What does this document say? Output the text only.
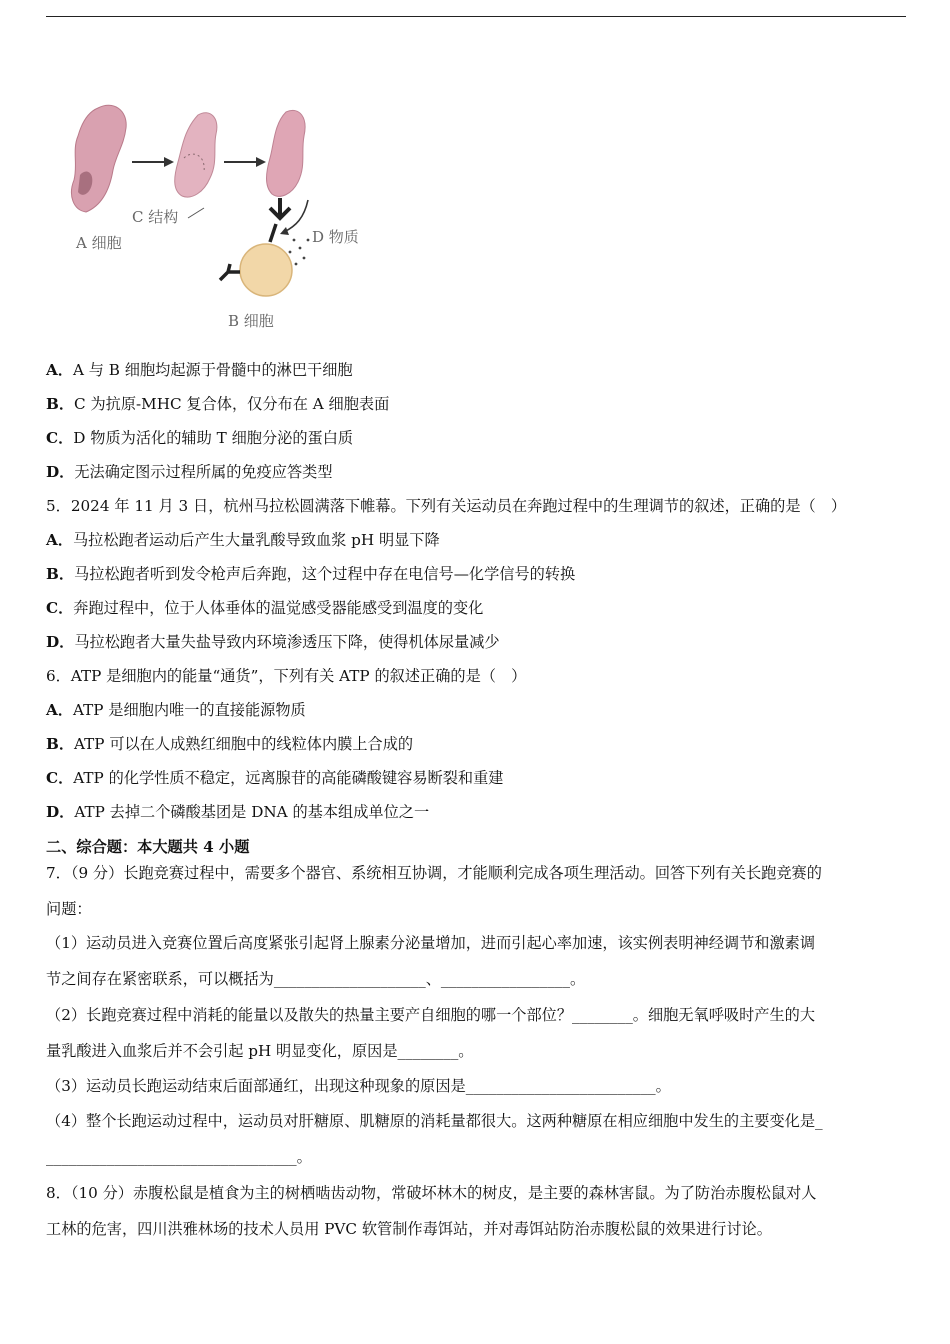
C 结构
A 细胞	D 物质
B 细胞
A．A 与 B 细胞均起源于骨髓中的淋巴干细胞
B．C 为抗原-MHC 复合体，仅分布在 A 细胞表面
C．D 物质为活化的辅助 T 细胞分泌的蛋白质
D．无法确定图示过程所属的免疫应答类型
5．2024 年 11 月 3 日，杭州马拉松圆满落下帷幕。下列有关运动员在奔跑过程中的生理调节的叙述，正确的是（　）
A．马拉松跑者运动后产生大量乳酸导致血浆 pH 明显下降
B．马拉松跑者听到发令枪声后奔跑，这个过程中存在电信号—化学信号的转换
C．奔跑过程中，位于人体垂体的温觉感受器能感受到温度的变化
D．马拉松跑者大量失盐导致内环境渗透压下降，使得机体尿量减少
6．ATP 是细胞内的能量“通货”，下列有关 ATP 的叙述正确的是（　）
A．ATP 是细胞内唯一的直接能源物质
B．ATP 可以在人成熟红细胞中的线粒体内膜上合成的
C．ATP 的化学性质不稳定，远离腺苷的高能磷酸键容易断裂和重建
D．ATP 去掉二个磷酸基团是 DNA 的基本组成单位之一
二、综合题：本大题共 4 小题
7．（9 分）长跑竞赛过程中，需要多个器官、系统相互协调，才能顺利完成各项生理活动。回答下列有关长跑竞赛的
问题：
（1）运动员进入竞赛位置后高度紧张引起肾上腺素分泌量增加，进而引起心率加速，该实例表明神经调节和激素调
节之间存在紧密联系，可以概括为____________________、_________________。
（2）长跑竞赛过程中消耗的能量以及散失的热量主要产自细胞的哪一个部位？________。细胞无氧呼吸时产生的大
量乳酸进入血浆后并不会引起 pH 明显变化，原因是________。
（3）运动员长跑运动结束后面部通红，出现这种现象的原因是_________________________。
（4）整个长跑运动过程中，运动员对肝糖原、肌糖原的消耗量都很大。这两种糖原在相应细胞中发生的主要变化是_
_________________________________。
8．（10 分）赤腹松鼠是植食为主的树栖啮齿动物，常破坏林木的树皮，是主要的森林害鼠。为了防治赤腹松鼠对人
工林的危害，四川洪雅林场的技术人员用 PVC 软管制作毒饵站，并对毒饵站防治赤腹松鼠的效果进行讨论。
